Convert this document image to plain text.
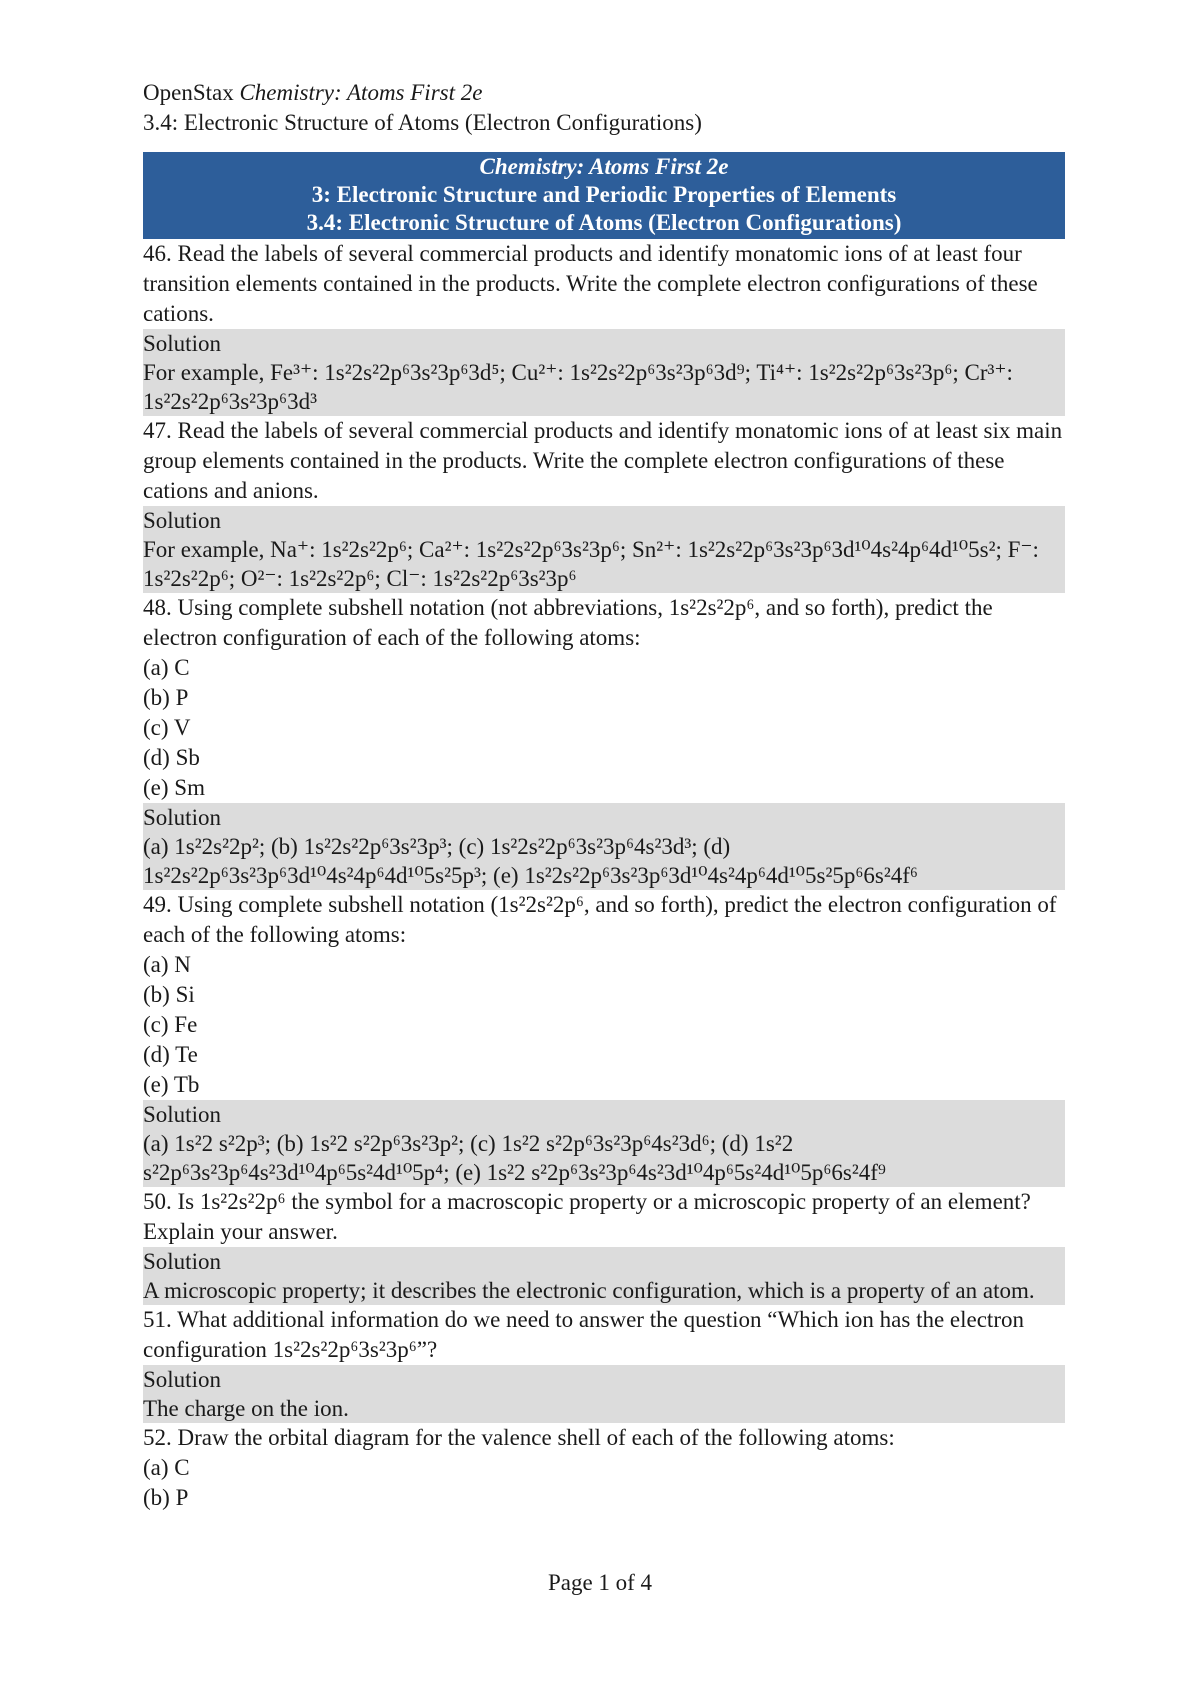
OpenStax Chemistry: Atoms First 2e

3.4: Electronic Structure of Atoms (Electron Configurations)

Chemistry: Atoms First 2e
3: Electronic Structure and Periodic Properties of Elements
3.4: Electronic Structure of Atoms (Electron Configurations)

46. Read the labels of several commercial products and identify monatomic ions of at least four transition elements contained in the products. Write the complete electron configurations of these cations.

Solution
For example, Fe³⁺: 1s²2s²2p⁶3s²3p⁶3d⁵; Cu²⁺: 1s²2s²2p⁶3s²3p⁶3d⁹; Ti⁴⁺: 1s²2s²2p⁶3s²3p⁶; Cr³⁺: 1s²2s²2p⁶3s²3p⁶3d³

47. Read the labels of several commercial products and identify monatomic ions of at least six main group elements contained in the products. Write the complete electron configurations of these cations and anions.

Solution
For example, Na⁺: 1s²2s²2p⁶; Ca²⁺: 1s²2s²2p⁶3s²3p⁶; Sn²⁺: 1s²2s²2p⁶3s²3p⁶3d¹⁰4s²4p⁶4d¹⁰5s²; F⁻: 1s²2s²2p⁶; O²⁻: 1s²2s²2p⁶; Cl⁻: 1s²2s²2p⁶3s²3p⁶

48. Using complete subshell notation (not abbreviations, 1s²2s²2p⁶, and so forth), predict the electron configuration of each of the following atoms:

(a) C

(b) P

(c) V

(d) Sb

(e) Sm

Solution
(a) 1s²2s²2p²; (b) 1s²2s²2p⁶3s²3p³; (c) 1s²2s²2p⁶3s²3p⁶4s²3d³; (d) 1s²2s²2p⁶3s²3p⁶3d¹⁰4s²4p⁶4d¹⁰5s²5p³; (e) 1s²2s²2p⁶3s²3p⁶3d¹⁰4s²4p⁶4d¹⁰5s²5p⁶6s²4f⁶

49. Using complete subshell notation (1s²2s²2p⁶, and so forth), predict the electron configuration of each of the following atoms:

(a) N

(b) Si

(c) Fe

(d) Te

(e) Tb

Solution
(a) 1s²2 s²2p³; (b) 1s²2 s²2p⁶3s²3p²; (c) 1s²2 s²2p⁶3s²3p⁶4s²3d⁶; (d) 1s²2 s²2p⁶3s²3p⁶4s²3d¹⁰4p⁶5s²4d¹⁰5p⁴; (e) 1s²2 s²2p⁶3s²3p⁶4s²3d¹⁰4p⁶5s²4d¹⁰5p⁶6s²4f⁹

50. Is 1s²2s²2p⁶ the symbol for a macroscopic property or a microscopic property of an element? Explain your answer.

Solution
A microscopic property; it describes the electronic configuration, which is a property of an atom.

51. What additional information do we need to answer the question “Which ion has the electron configuration 1s²2s²2p⁶3s²3p⁶”?

Solution
The charge on the ion.

52. Draw the orbital diagram for the valence shell of each of the following atoms:

(a) C

(b) P

Page 1 of 4
